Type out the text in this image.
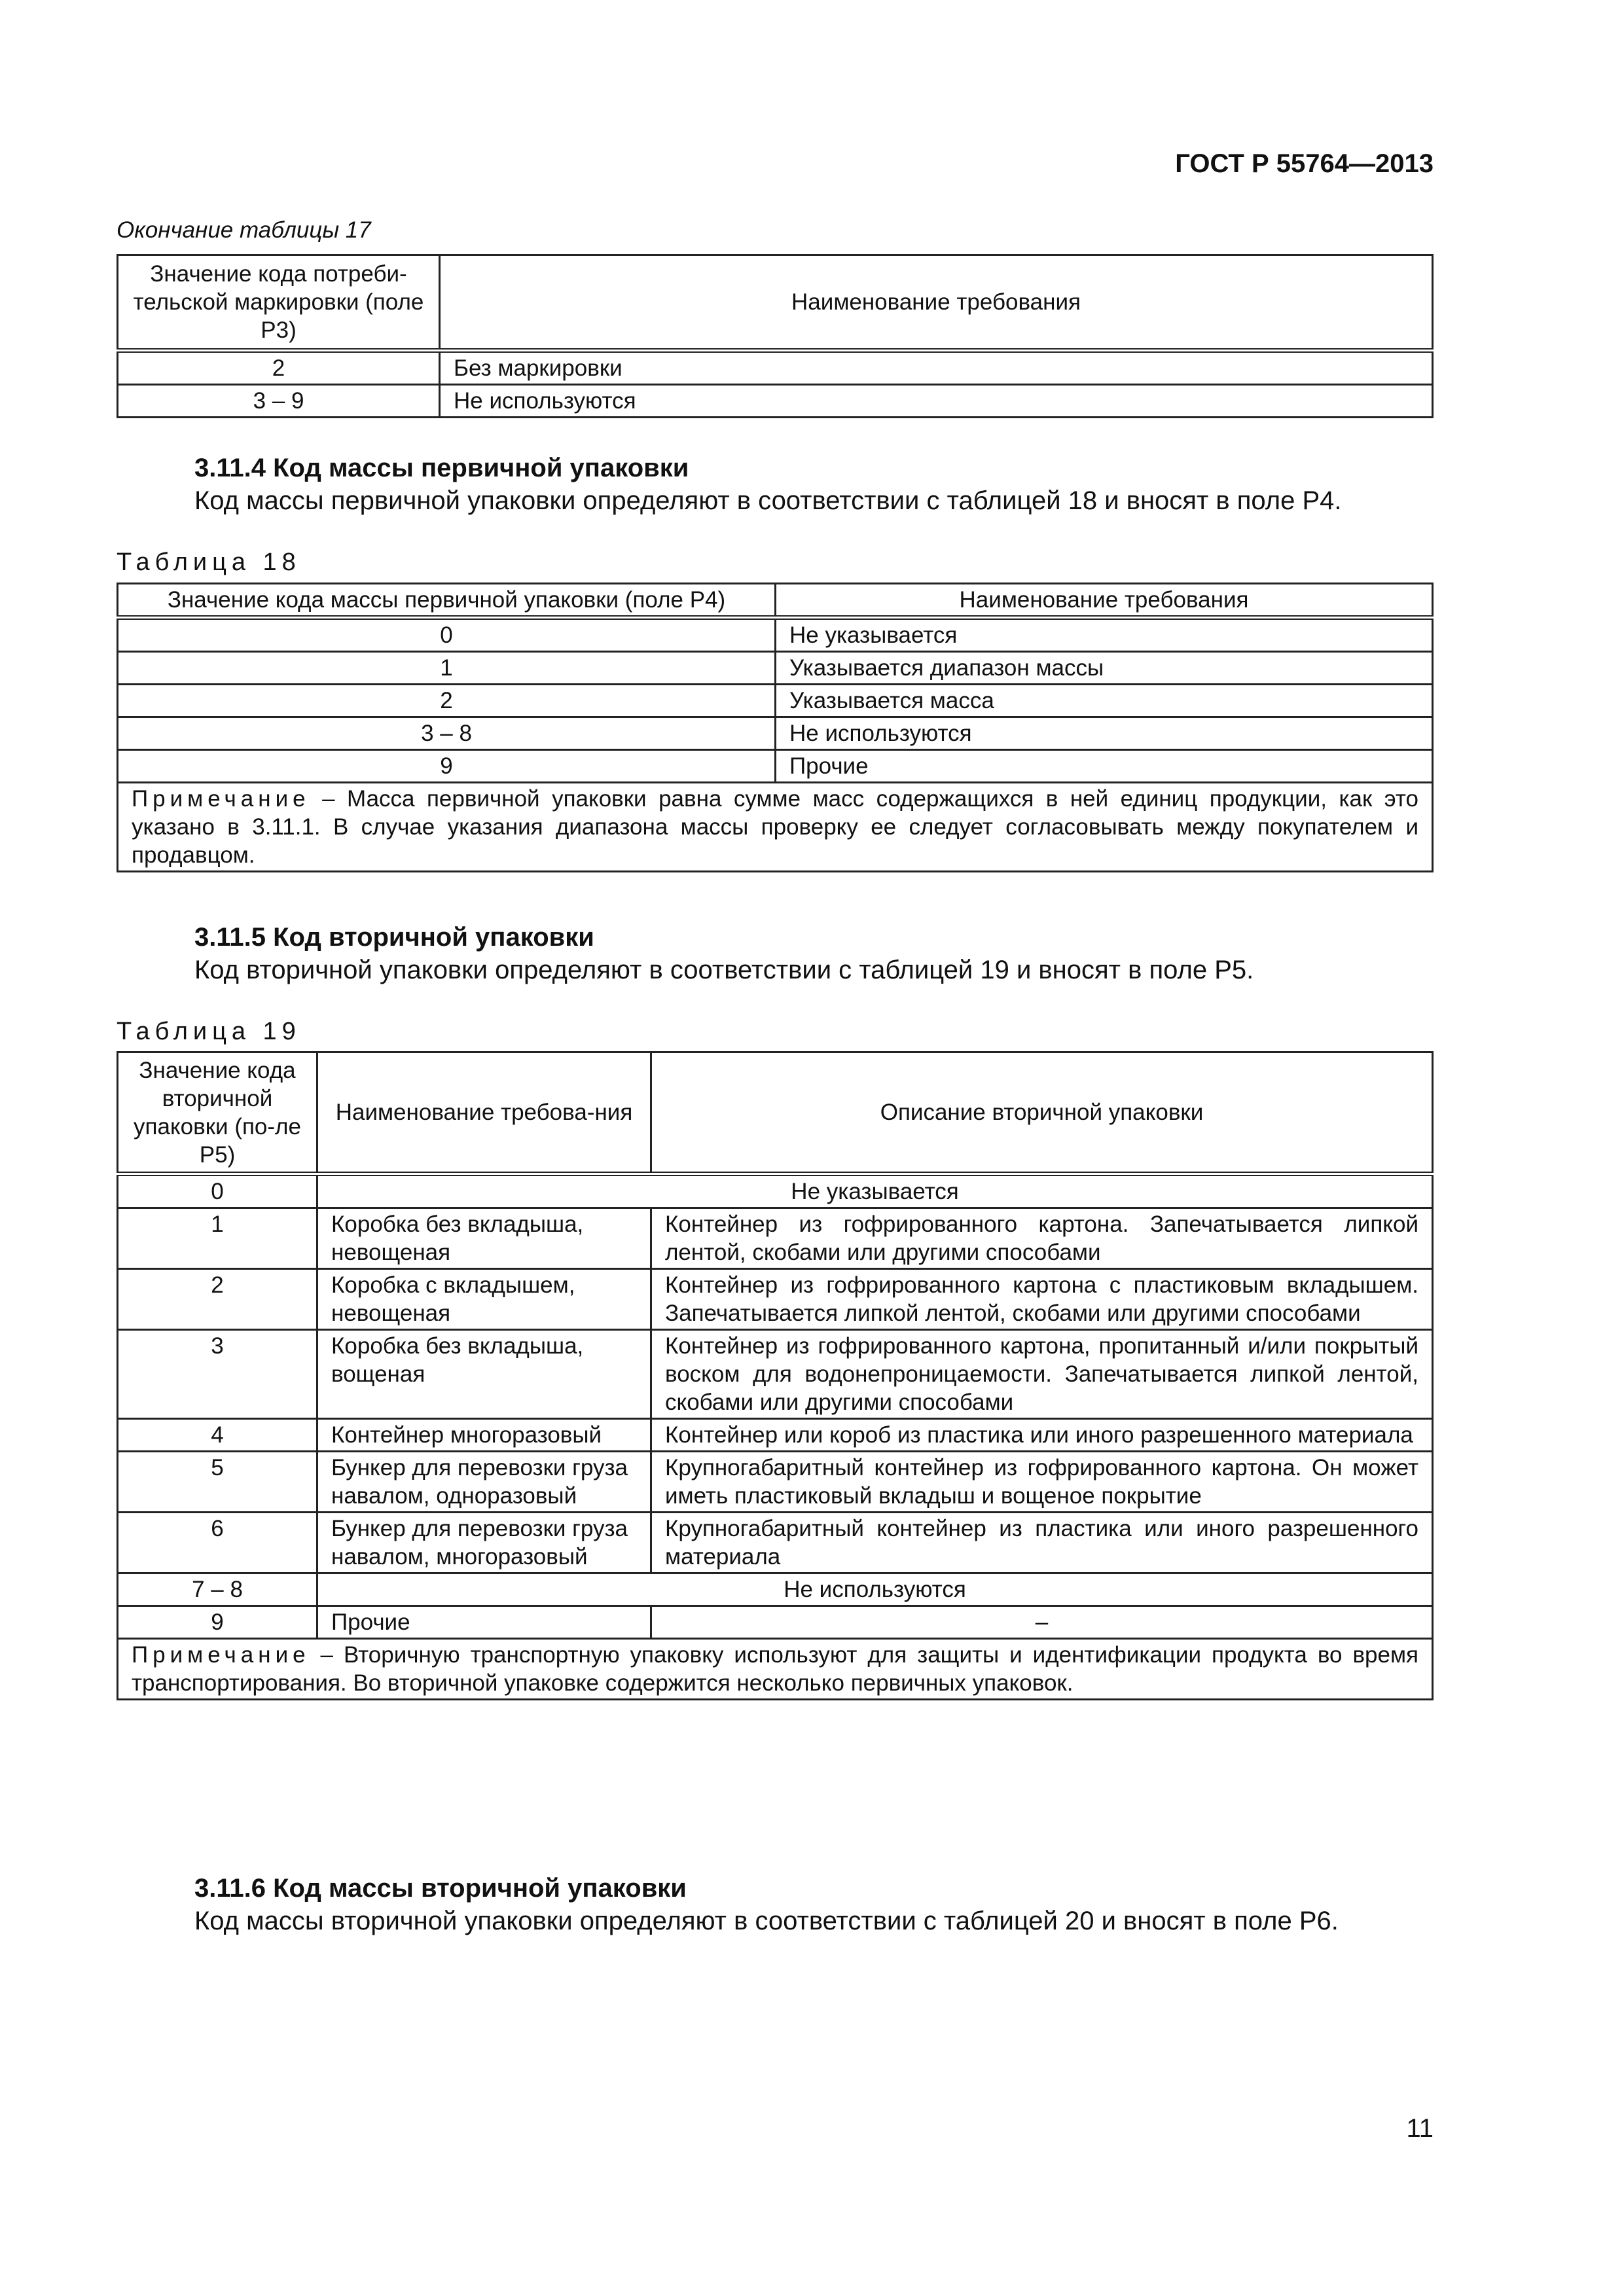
ГОСТ Р 55764—2013
Окончание таблицы 17
Значение кода потреби-тельской маркировки (поле Р3)	Наименование требования
2	Без маркировки
3 – 9	Не используются
3.11.4 Код массы первичной упаковки
Код массы первичной упаковки определяют в соответствии с таблицей 18 и вносят в поле Р4.
Таблица 18
Значение кода массы первичной упаковки (поле Р4)	Наименование требования
0	Не указывается
1	Указывается диапазон массы
2	Указывается масса
3 – 8	Не используются
9	Прочие
Примечание – Масса первичной упаковки равна сумме масс содержащихся в ней единиц продукции, как это указано в 3.11.1. В случае указания диапазона массы проверку ее следует согласовывать между покупателем и продавцом.	
3.11.5 Код вторичной упаковки
Код вторичной упаковки определяют в соответствии с таблицей 19 и вносят в поле Р5.
Таблица 19
Значение кода вторичной упаковки (по-ле Р5)	Наименование требова-ния	Описание вторичной упаковки
0	Не указывается	
1	Коробка без вкладыша, невощеная	Контейнер из гофрированного картона. Запечатывается липкой лентой, скобами или другими способами
2	Коробка с вкладышем, невощеная	Контейнер из гофрированного картона с пластиковым вкладышем. Запечатывается липкой лентой, скобами или другими способами
3	Коробка без вкладыша, вощеная	Контейнер из гофрированного картона, пропитанный и/или покрытый воском для водонепроницаемости. Запечатывается липкой лентой, скобами или другими способами
4	Контейнер многоразовый	Контейнер или короб из пластика или иного разрешенного материала
5	Бункер для перевозки груза навалом, одноразовый	Крупногабаритный контейнер из гофрированного картона. Он может иметь пластиковый вкладыш и вощеное покрытие
6	Бункер для перевозки груза навалом, многоразовый	Крупногабаритный контейнер из пластика или иного разрешенного материала
7 – 8	Не используются	
9	Прочие	–
Примечание – Вторичную транспортную упаковку используют для защиты и идентификации продукта во время транспортирования. Во вторичной упаковке содержится несколько первичных упаковок.		
3.11.6 Код массы вторичной упаковки
Код массы вторичной упаковки определяют в соответствии с таблицей 20 и вносят в поле Р6.
11
